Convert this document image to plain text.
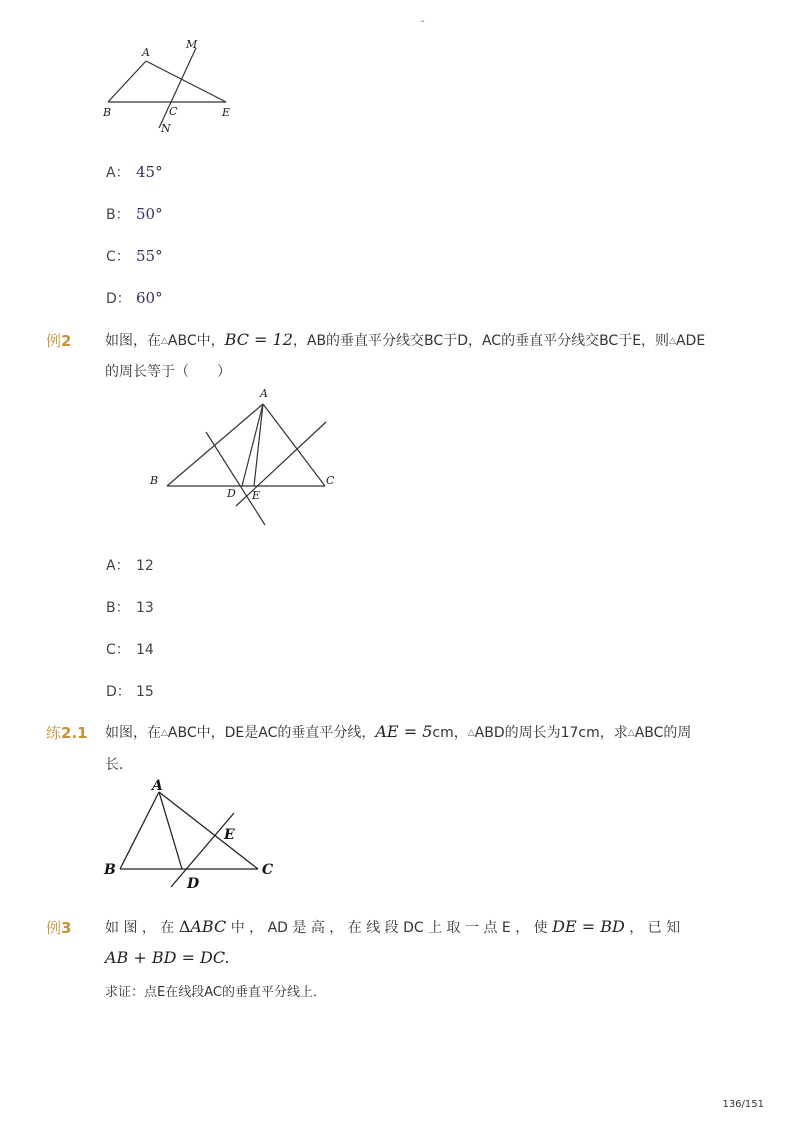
-
A
M
B	C	E
N
A： 45°
B： 50°
C： 55°
D： 60°
例2 如图，在△ABC中，BC = 12，AB的垂直平分线交BC于D，AC的垂直平分线交BC于E，则△ADE
的周长等于（　　）
A
B	C
D E
A： 12
B： 13
C： 14
D： 15
练2.1 如图，在△ABC中，DE是AC的垂直平分线，AE = 5cm，△ABD的周长为17cm，求△ABC的周
长．
A
B	C
D
E
例3 如 图 ， 在 ΔABC 中 ， AD 是 高 ， 在 线 段 DC 上 取 一 点 E ， 使 DE = BD ， 已 知
AB + BD = DC.
求证：点E在线段AC的垂直平分线上．
136/151
